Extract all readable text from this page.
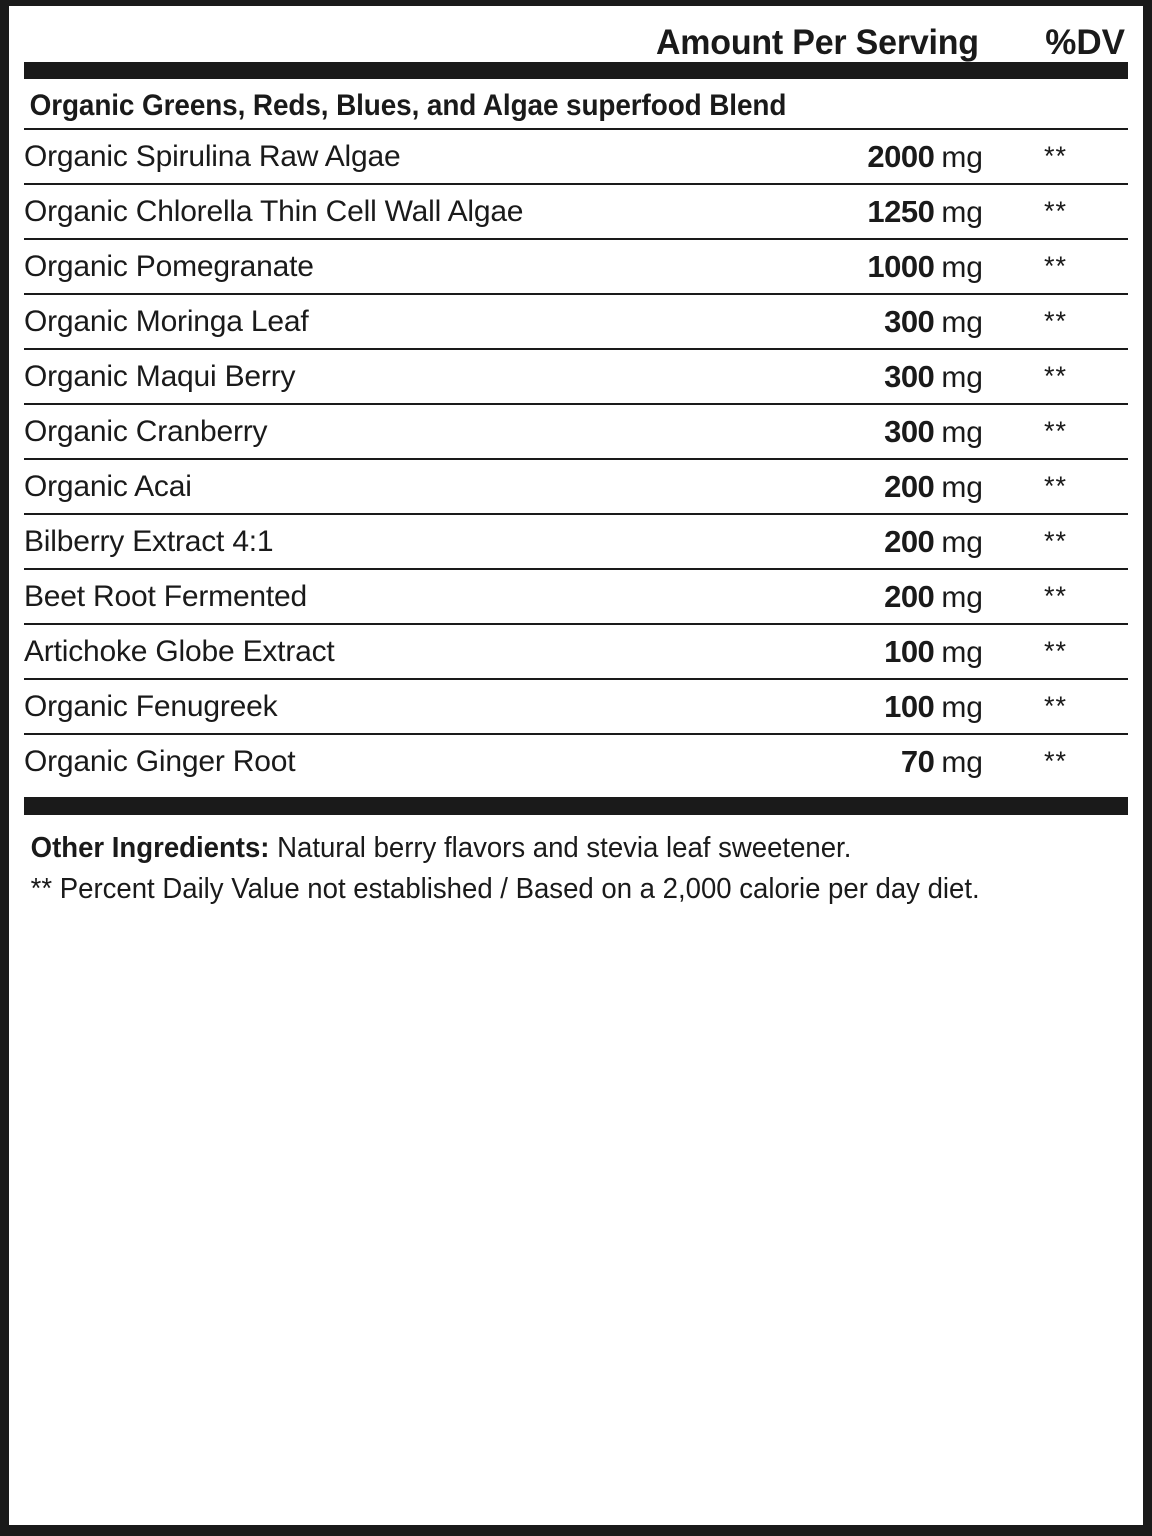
Amount Per Serving %DV
Organic Greens, Reds, Blues, and Algae superfood Blend
Organic Spirulina Raw Algae	2000 mg	**
Organic Chlorella Thin Cell Wall Algae	1250 mg	**
Organic Pomegranate	1000 mg	**
Organic Moringa Leaf	300 mg	**
Organic Maqui Berry	300 mg	**
Organic Cranberry	300 mg	**
Organic Acai	200 mg	**
Bilberry Extract 4:1	200 mg	**
Beet Root Fermented	200 mg	**
Artichoke Globe Extract	100 mg	**
Organic Fenugreek	100 mg	**
Organic Ginger Root	70 mg	**
Other Ingredients: Natural berry flavors and stevia leaf sweetener.
** Percent Daily Value not established / Based on a 2,000 calorie per day diet.
